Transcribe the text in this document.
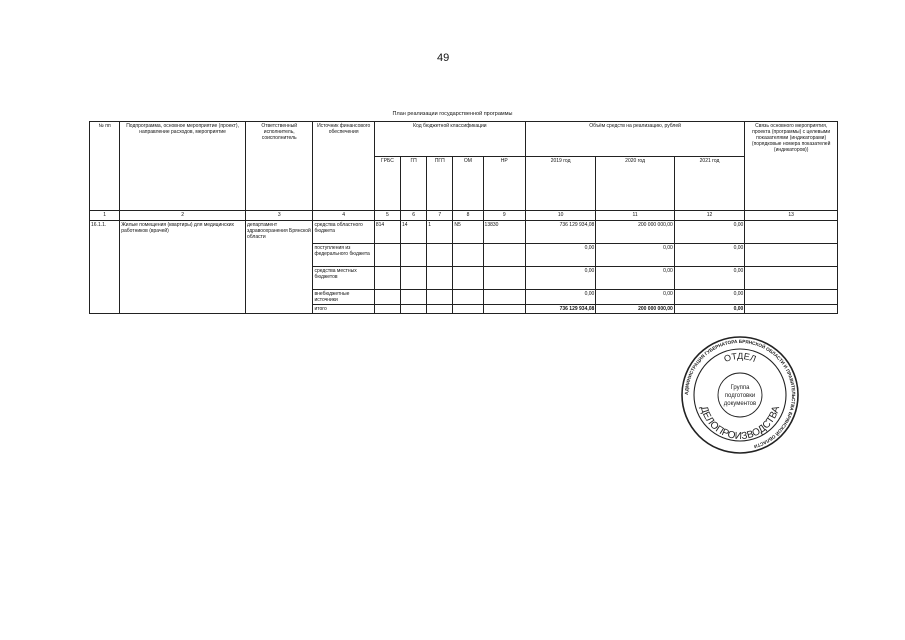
49
План реализации государственной программы
№ пп	Подпрограмма, основное мероприятие (проект), направление расходов, мероприятие	Ответственный исполнитель, соисполнитель	Источник финансового обеспечения	Код бюджетной классификации					Объём средств на реализацию, рублей			Связь основного мероприятия, проекта (программы) с целевыми показателями (индикаторами) (порядковые номера показателей (индикаторов))
				ГРБС	ГП	ПГП	ОМ	НР	2019 год	2020 год	2021 год	
1	2	3	4	5	6	7	8	9	10	11	12	13
16.1.1.	Жилые помещения (квартиры) для медицинских работников (врачей)	департамент здравоохранения Брянской области	средства областного бюджета	814	14	1	N5	13830	736 129 934,08	200 000 000,00	0,00	
			поступления из федерального бюджета						0,00	0,00	0,00	
			средства местных бюджетов						0,00	0,00	0,00	
			внебюджетные источники						0,00	0,00	0,00	
			итого						736 129 934,08	200 000 000,00	0,00	
АДМИНИСТРАЦИЯ ГУБЕРНАТОРА БРЯНСКОЙ ОБЛАСТИ И ПРАВИТЕЛЬСТВА БРЯНСКОЙ ОБЛАСТИ
ОТДЕЛ
ДЕЛОПРОИЗВОДСТВА
Группа
подготовки
документов
